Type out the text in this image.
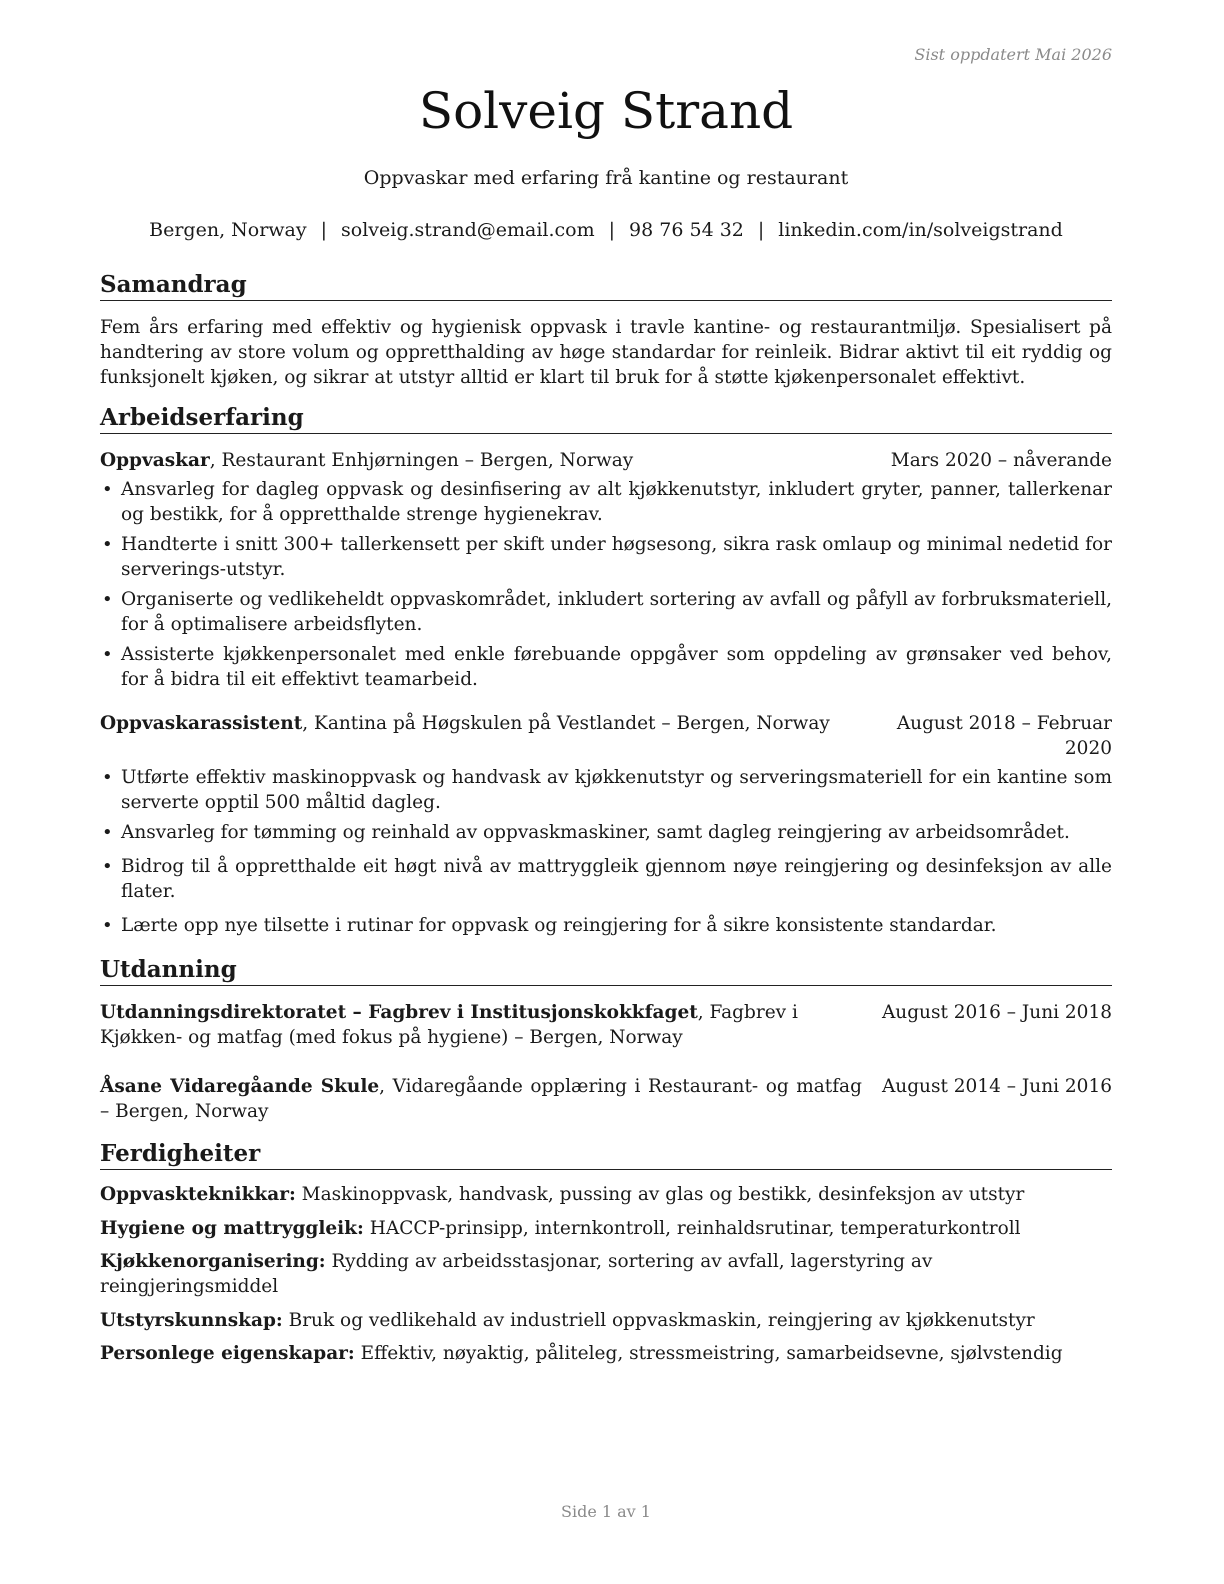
Sist oppdatert Mai 2026
Solveig Strand
Oppvaskar med erfaring frå kantine og restaurant
Bergen, Norway | solveig.strand@email.com | 98 76 54 32 | linkedin.com/in/solveigstrand
Samandrag

Fem års erfaring med effektiv og hygienisk oppvask i travle kantine- og restaurantmiljø. Spesialisert på handtering av store volum og oppretthalding av høge standardar for reinleik. Bidrar aktivt til eit ryddig og funksjonelt kjøken, og sikrar at utstyr alltid er klart til bruk for å støtte kjøkenpersonalet effektivt.

Arbeidserfaring
Oppvaskar, Restaurant Enhjørningen – Bergen, Norway	Mars 2020 – nåverande
• Ansvarleg for dagleg oppvask og desinfisering av alt kjøkkenutstyr, inkludert gryter, panner, tallerkenar og bestikk, for å oppretthalde strenge hygienekrav.
• Handterte i snitt 300+ tallerkensett per skift under høgsesong, sikra rask omlaup og minimal nedetid for serverings-utstyr.
• Organiserte og vedlikeheldt oppvaskområdet, inkludert sortering av avfall og påfyll av forbruksmateriell, for å optimalisere arbeidsflyten.
• Assisterte kjøkkenpersonalet med enkle førebuande oppgåver som oppdeling av grønsaker ved behov, for å bidra til eit effektivt teamarbeid.
Oppvaskarassistent, Kantina på Høgskulen på Vestlandet – Bergen, Norway	August 2018 – Februar 2020
• Utførte effektiv maskinoppvask og handvask av kjøkkenutstyr og serveringsmateriell for ein kantine som serverte opptil 500 måltid dagleg.
• Ansvarleg for tømming og reinhald av oppvaskmaskiner, samt dagleg reingjering av arbeidsområdet.
• Bidrog til å oppretthalde eit høgt nivå av mattryggleik gjennom nøye reingjering og desinfeksjon av alle flater.
• Lærte opp nye tilsette i rutinar for oppvask og reingjering for å sikre konsistente standardar.
Utdanning
Utdanningsdirektoratet – Fagbrev i Institusjonskokkfaget, Fagbrev i Kjøkken- og matfag (med fokus på hygiene) – Bergen, Norway
August 2016 – Juni 2018
Åsane Vidaregåande Skule, Vidaregåande opplæring i Restaurant- og matfag – Bergen, Norway
August 2014 – Juni 2016
Ferdigheiter
Oppvaskteknikkar: Maskinoppvask, handvask, pussing av glas og bestikk, desinfeksjon av utstyr
Hygiene og mattryggleik: HACCP-prinsipp, internkontroll, reinhaldsrutinar, temperaturkontroll
Kjøkkenorganisering: Rydding av arbeidsstasjonar, sortering av avfall, lagerstyring av reingjeringsmiddel
Utstyrskunnskap: Bruk og vedlikehald av industriell oppvaskmaskin, reingjering av kjøkkenutstyr
Personlege eigenskapar: Effektiv, nøyaktig, påliteleg, stressmeistring, samarbeidsevne, sjølvstendig
Side 1 av 1
